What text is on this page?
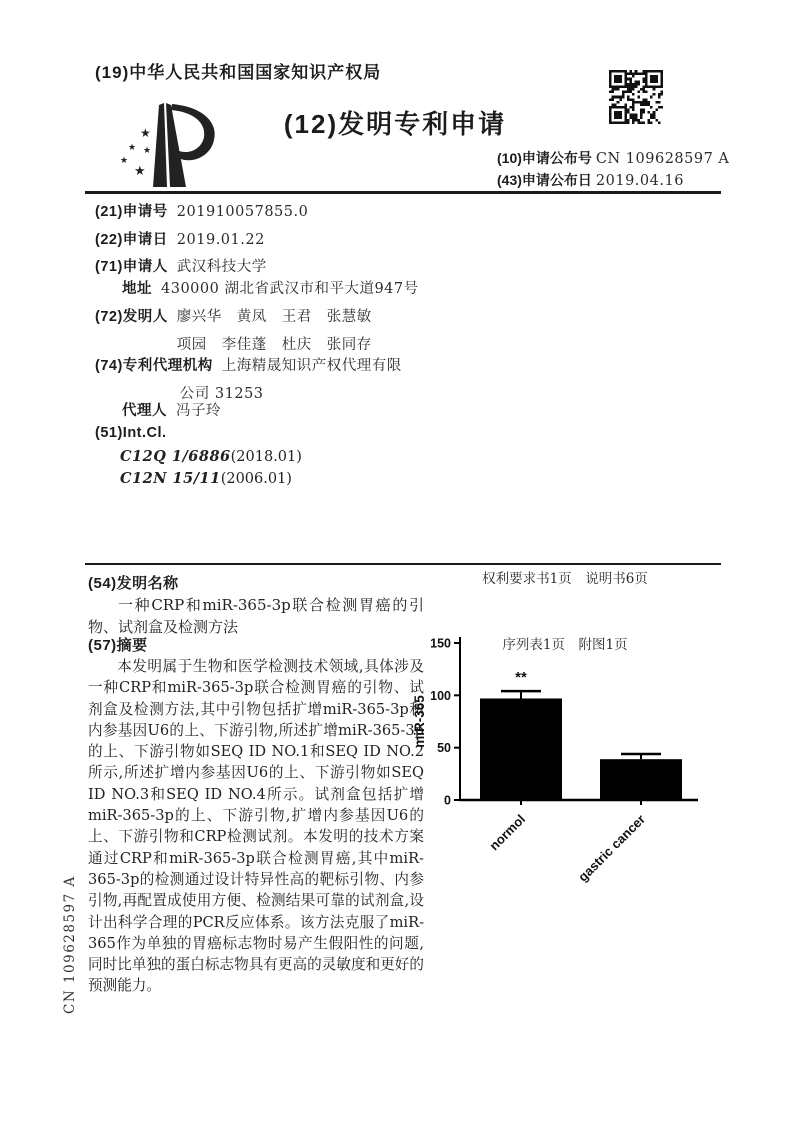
(19)中华人民共和国国家知识产权局
★
★ ★
★
★
(12)发明专利申请
(10)申请公布号 CN 109628597 A
(43)申请公布日 2019.04.16
(21)申请号 201910057855.0
(22)申请日 2019.01.22
(71)申请人 武汉科技大学
地址 430000 湖北省武汉市和平大道947号
(72)发明人 廖兴华　黄凤　王君　张慧敏
项园　李佳蓬　杜庆　张同存
(74)专利代理机构 上海精晟知识产权代理有限
公司 31253
代理人 冯子玲
(51)Int.Cl.
C12Q 1/6886(2018.01)
C12N 15/11(2006.01)

权利要求书1页　说明书6页

序列表1页　附图1页

(54)发明名称
一种CRP和miR-365-3p联合检测胃癌的引物、试剂盒及检测方法
(57)摘要
本发明属于生物和医学检测技术领域,具体涉及一种CRP和miR-365-3p联合检测胃癌的引物、试剂盒及检测方法,其中引物包括扩增miR-365-3p和内参基因U6的上、下游引物,所述扩增miR-365-3p的上、下游引物如SEQ ID NO.1和SEQ ID NO.2所示,所述扩增内参基因U6的上、下游引物如SEQ ID NO.3和SEQ ID NO.4所示。试剂盒包括扩增miR-365-3p的上、下游引物,扩增内参基因U6的上、下游引物和CRP检测试剂。本发明的技术方案通过CRP和miR-365-3p联合检测胃癌,其中miR-365-3p的检测通过设计特异性高的靶标引物、内参引物,再配置成使用方便、检测结果可靠的试剂盒,设计出科学合理的PCR反应体系。该方法克服了miR-365作为单独的胃癌标志物时易产生假阳性的问题,同时比单独的蛋白标志物具有更高的灵敏度和更好的预测能力。
0
50
100
150
miR-365
normol	gastric cancer
**
CN 109628597 A
